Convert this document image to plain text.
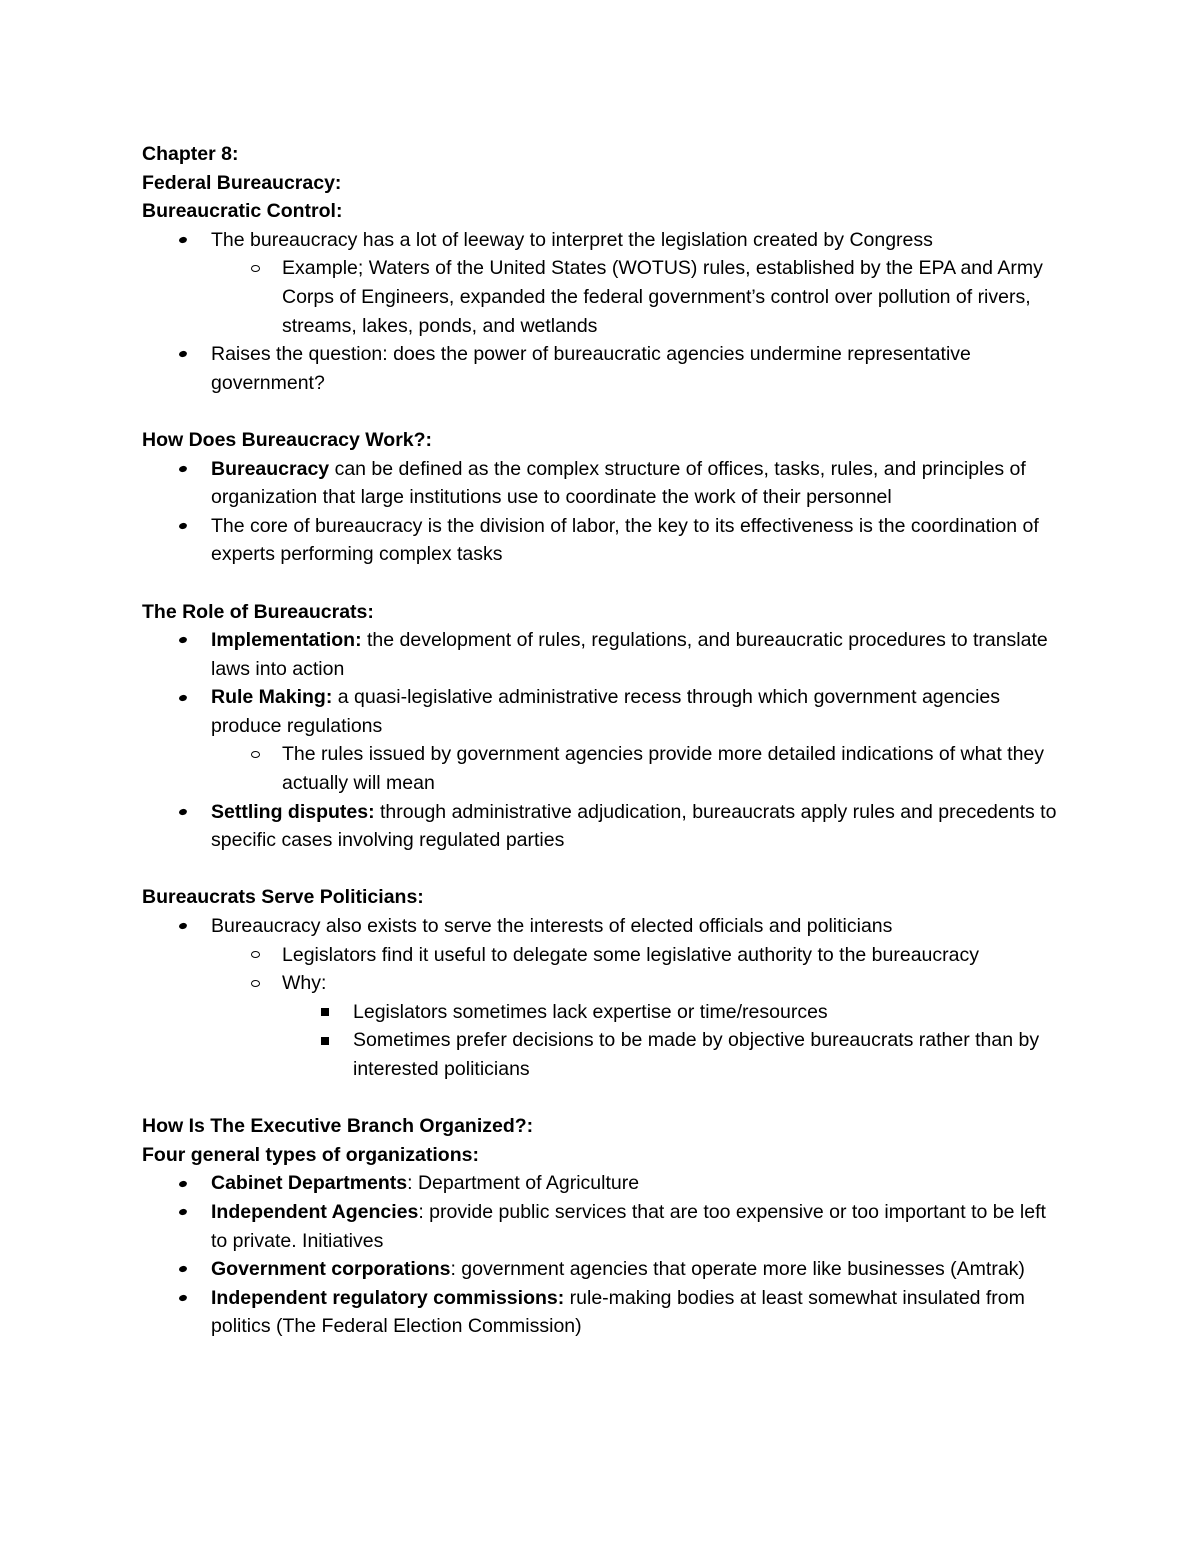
Chapter 8:

Federal Bureaucracy:

Bureaucratic Control:

The bureaucracy has a lot of leeway to interpret the legislation created by Congress
Example; Waters of the United States (WOTUS) rules, established by the EPA and Army Corps of Engineers, expanded the federal government’s control over pollution of rivers, streams, lakes, ponds, and wetlands
Raises the question: does the power of bureaucratic agencies undermine representative government?

How Does Bureaucracy Work?:

Bureaucracy can be defined as the complex structure of offices, tasks, rules, and principles of organization that large institutions use to coordinate the work of their personnel
The core of bureaucracy is the division of labor, the key to its effectiveness is the coordination of experts performing complex tasks

The Role of Bureaucrats:

Implementation: the development of rules, regulations, and bureaucratic procedures to translate laws into action
Rule Making: a quasi-legislative administrative recess through which government agencies produce regulations
The rules issued by government agencies provide more detailed indications of what they actually will mean
Settling disputes: through administrative adjudication, bureaucrats apply rules and precedents to specific cases involving regulated parties

Bureaucrats Serve Politicians:

Bureaucracy also exists to serve the interests of elected officials and politicians
Legislators find it useful to delegate some legislative authority to the bureaucracy
Why:
Legislators sometimes lack expertise or time/resources
Sometimes prefer decisions to be made by objective bureaucrats rather than by interested politicians

How Is The Executive Branch Organized?:

Four general types of organizations:

Cabinet Departments: Department of Agriculture
Independent Agencies: provide public services that are too expensive or too important to be left to private. Initiatives
Government corporations: government agencies that operate more like businesses (Amtrak)
Independent regulatory commissions: rule-making bodies at least somewhat insulated from politics (The Federal Election Commission)
